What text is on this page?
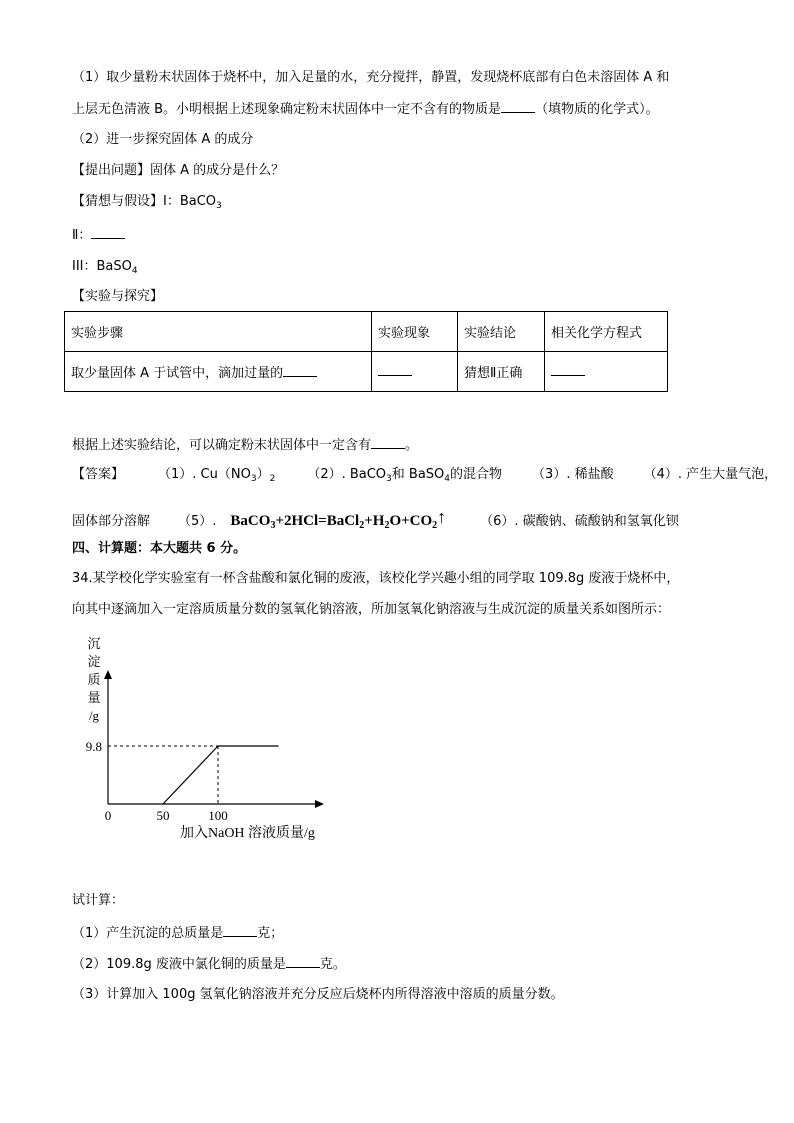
（1）取少量粉末状固体于烧杯中，加入足量的水，充分搅拌，静置，发现烧杯底部有白色未溶固体 A 和
上层无色清液 B。小明根据上述现象确定粉末状固体中一定不含有的物质是	（填物质的化学式）。
（2）进一步探究固体 A 的成分
【提出问题】固体 A 的成分是什么？
【猜想与假设】I：BaCO$_3$
Ⅱ：
III：BaSO$_4$
【实验与探究】
实验步骤	实验现象	实验结论	相关化学方程式
取少量固体 A 于试管中，滴加过量的		猜想Ⅱ正确	
根据上述实验结论，可以确定粉末状固体中一定含有	。
【答案】	（1）. $Cu(NO_3)_2$ （2）. BaCO$_3$和 BaSO$_4$的混合物 （3）. 稀盐酸 （4）. 产生大量气泡，
固体部分溶解 （5）. $BaCO_3+2HCl=BaCl_2+H_2O+CO_2↑$	（6）. 碳酸钠、硫酸钠和氢氧化钡
四、计算题：本大题共 6 分。
34.某学校化学实验室有一杯含盐酸和氯化铜的废液，该校化学兴趣小组的同学取 109.8g 废液于烧杯中，
向其中逐滴加入一定溶质质量分数的氢氧化钠溶液，所加氢氧化钠溶液与生成沉淀的质量关系如图所示：
沉
淀
质
量
/g
0	50	100
9.8
加入NaOH 溶液质量/g
试计算：
（1）产生沉淀的总质量是	克；
（2）109.8g 废液中氯化铜的质量是	克。
（3）计算加入 100g 氢氧化钠溶液并充分反应后烧杯内所得溶液中溶质的质量分数。
